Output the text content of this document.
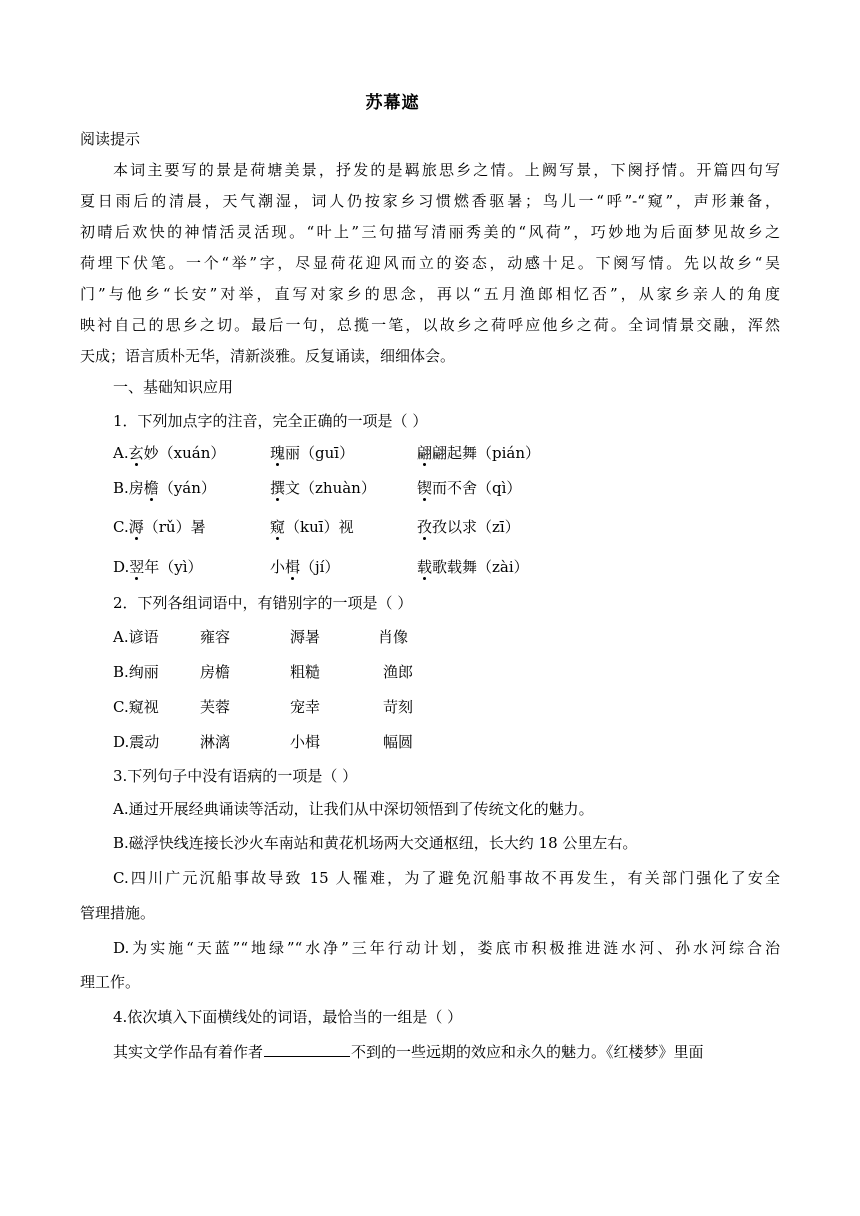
苏幕遮
阅读提示
本词主要写的景是荷塘美景，抒发的是羁旅思乡之情。上阙写景，下阕抒情。开篇四句写
夏日雨后的清晨，天气潮湿，词人仍按家乡习惯燃香驱暑；鸟儿一“呼”-“窥”，声形兼备，
初晴后欢快的神情活灵活现。“叶上”三句描写清丽秀美的“风荷”，巧妙地为后面梦见故乡之
荷埋下伏笔。一个“举”字，尽显荷花迎风而立的姿态，动感十足。下阕写情。先以故乡“吴
门”与他乡“长安”对举，直写对家乡的思念，再以“五月渔郎相忆否”，从家乡亲人的角度
映衬自己的思乡之切。最后一句，总揽一笔，以故乡之荷呼应他乡之荷。全词情景交融，浑然
天成；语言质朴无华，清新淡雅。反复诵读，细细体会。
一、基础知识应用
1．下列加点字的注音，完全正确的一项是（ ）
A.玄妙（xuán）	瑰丽（guī）	翩翩起舞（pián）
B.房檐（yán）	撰文（zhuàn）	锲而不舍（qì）
C.溽（rǔ）暑	窥（kuī）视	孜孜以求（zī）
D.翌年（yì）	小楫（jí）	载歌载舞（zài）
2．下列各组词语中，有错别字的一项是（ ）
A.谚语	雍容	溽暑	肖像
B.绚丽	房檐	粗糙	渔郎
C.窥视	芙蓉	宠幸	苛刻
D.震动	淋漓	小楫	幅圆
3.下列句子中没有语病的一项是（ ）
A.通过开展经典诵读等活动，让我们从中深切领悟到了传统文化的魅力。
B.磁浮快线连接长沙火车南站和黄花机场两大交通枢纽，长大约 18 公里左右。
C.四川广元沉船事故导致 15 人罹难，为了避免沉船事故不再发生，有关部门强化了安全
管理措施。
D.为实施“天蓝”“地绿”“水净”三年行动计划，娄底市积极推进涟水河、孙水河综合治
理工作。
4.依次填入下面横线处的词语，最恰当的一组是（ ）
其实文学作品有着作者	不到的一些远期的效应和永久的魅力。《红楼梦》里面
